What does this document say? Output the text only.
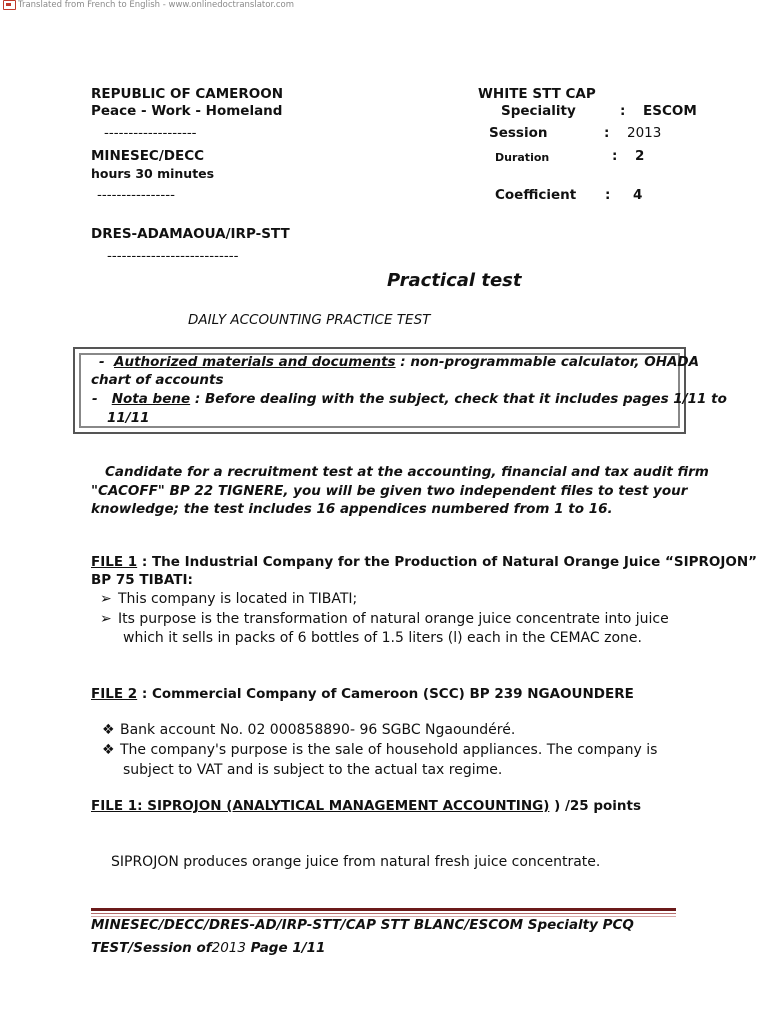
Translated from French to English - www.onlinedoctranslator.com
REPUBLIC OF CAMEROON
Peace - Work - Homeland
-------------------
MINESEC/DECC
hours 30 minutes
----------------
DRES-ADAMAOUA/IRP-STT
---------------------------
WHITE STT CAP
Speciality	: ESCOM
Session	: 2013
Duration	: 2
Coefficient : 4
Practical test
DAILY ACCOUNTING PRACTICE TEST
- Authorized materials and documents : non-programmable calculator, OHADA
chart of accounts
- Nota bene : Before dealing with the subject, check that it includes pages 1/11 to
11/11
Candidate for a recruitment test at the accounting, financial and tax audit firm
"CACOFF" BP 22 TIGNERE, you will be given two independent files to test your
knowledge; the test includes 16 appendices numbered from 1 to 16.
FILE 1 : The Industrial Company for the Production of Natural Orange Juice “SIPROJON”
BP 75 TIBATI:
➢ This company is located in TIBATI;
➢ Its purpose is the transformation of natural orange juice concentrate into juice
which it sells in packs of 6 bottles of 1.5 liters (l) each in the CEMAC zone.
FILE 2 : Commercial Company of Cameroon (SCC) BP 239 NGAOUNDERE
❖ Bank account No. 02 000858890- 96 SGBC Ngaoundéré.
❖ The company's purpose is the sale of household appliances. The company is
subject to VAT and is subject to the actual tax regime.
FILE 1: SIPROJON (ANALYTICAL MANAGEMENT ACCOUNTING) ) /25 points
SIPROJON produces orange juice from natural fresh juice concentrate.
MINESEC/DECC/DRES-AD/IRP-STT/CAP STT BLANC/ESCOM Specialty PCQ
TEST/Session of2013 Page 1/11
